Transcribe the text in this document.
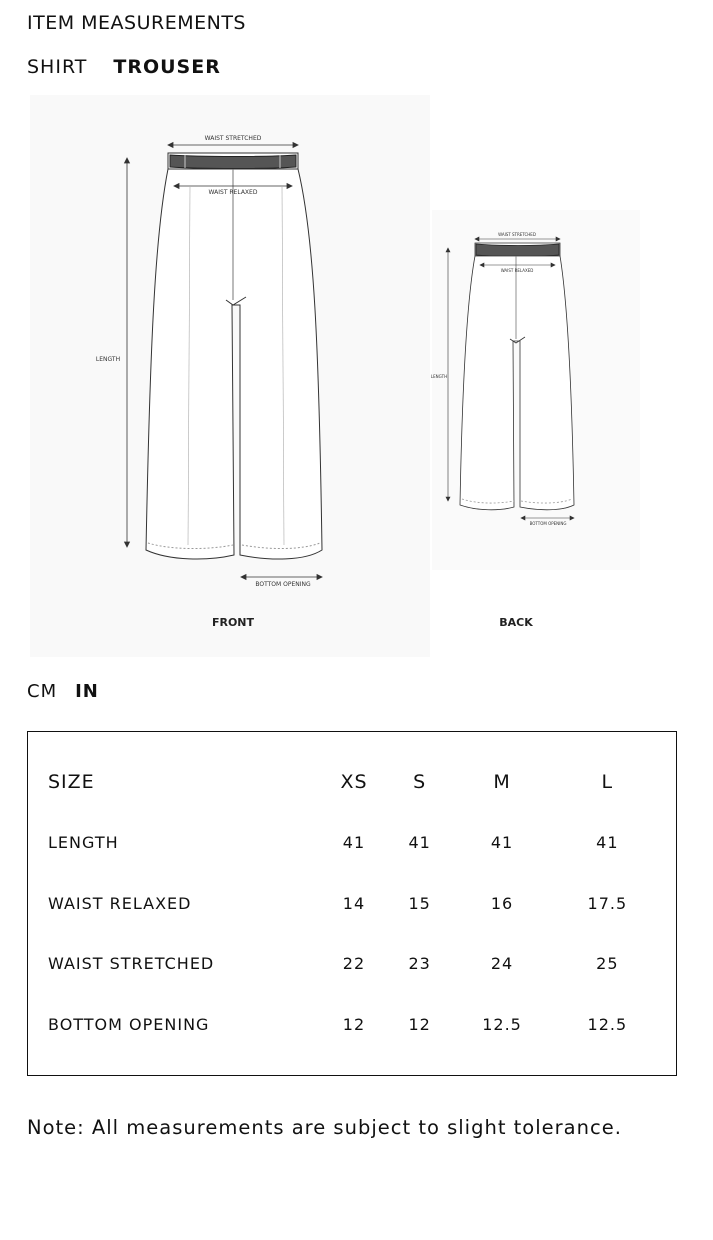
ITEM MEASUREMENTS
SHIRT TROUSER
WAIST STRETCHED
WAIST RELAXED
LENGTH
BOTTOM OPENING
FRONT
WAIST STRETCHED
WAIST RELAXED
LENGTH
BOTTOM OPENING
BACK
CM IN
SIZE	XS	S	M	L
LENGTH	41	41	41	41
WAIST RELAXED	14	15	16	17.5
WAIST STRETCHED	22	23	24	25
BOTTOM OPENING	12	12	12.5	12.5
Note: All measurements are subject to slight tolerance.
